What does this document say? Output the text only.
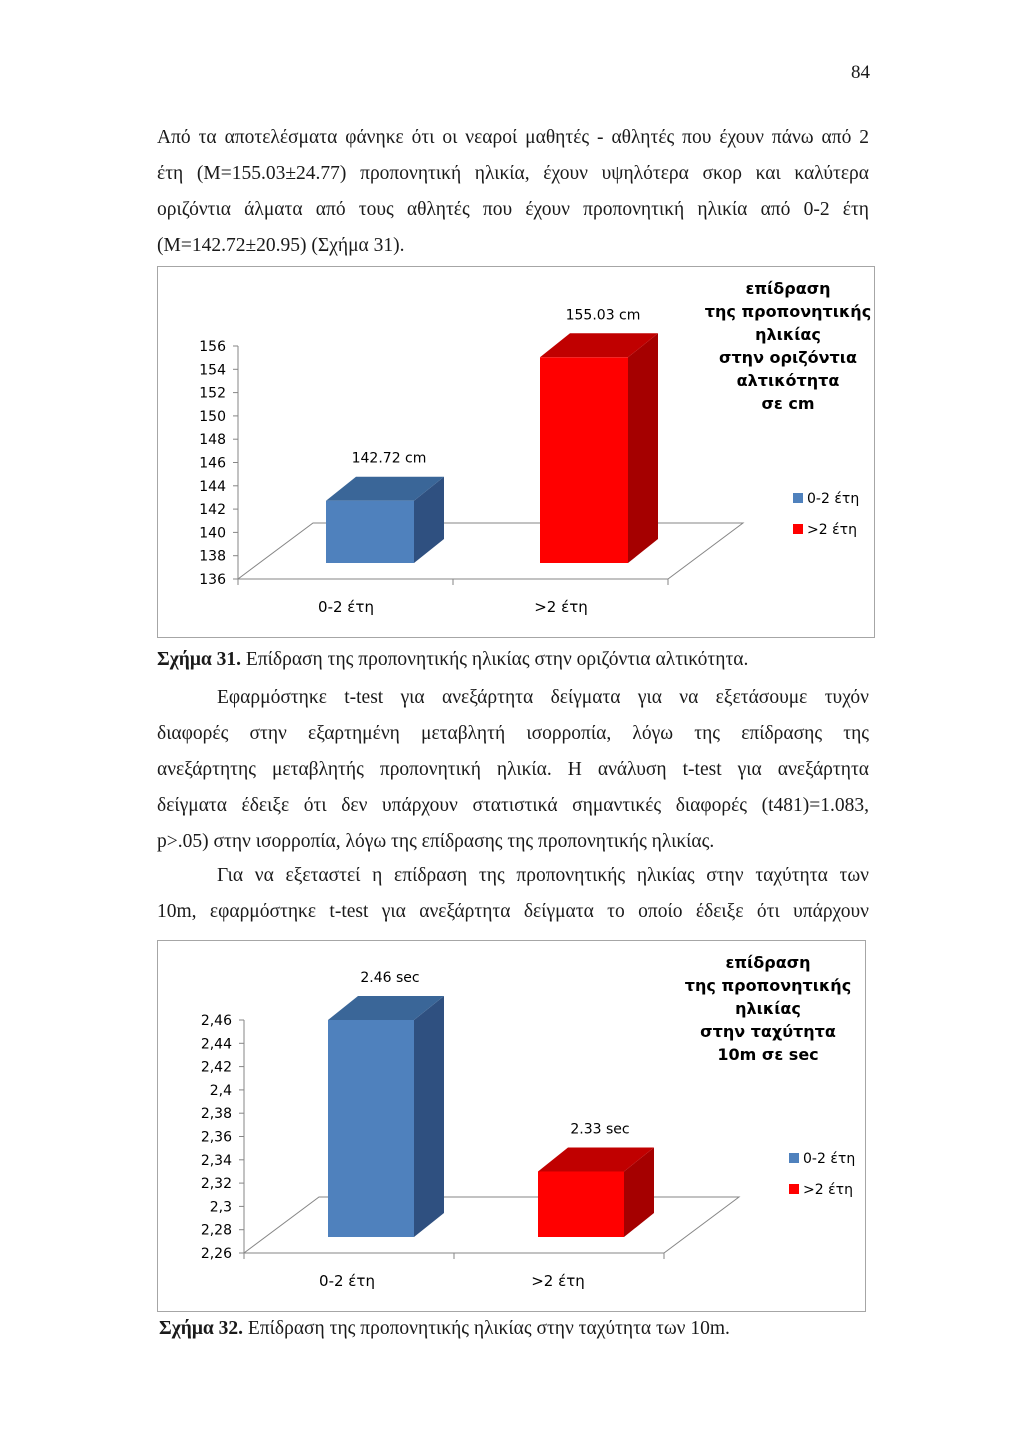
84
Από τα αποτελέσματα φάνηκε ότι οι νεαροί μαθητές - αθλητές που έχουν πάνω από 2
έτη (M=155.03±24.77) προπονητική ηλικία, έχουν υψηλότερα σκορ και καλύτερα
οριζόντια άλματα από τους αθλητές που έχουν προπονητική ηλικία από 0-2 έτη
(M=142.72±20.95) (Σχήμα 31).
156
154
152
150
148
146
144
142
140
138
136
142.72 cm
0-2 έτη
155.03 cm
>2 έτη
επίδραση
της προπονητικής
ηλικίας
στην οριζόντια
αλτικότητα
σε cm
0-2 έτη
>2 έτη
Σχήμα 31. Επίδραση της προπονητικής ηλικίας στην οριζόντια αλτικότητα.
Εφαρμόστηκε t-test για ανεξάρτητα δείγματα για να εξετάσουμε τυχόν
διαφορές στην εξαρτημένη μεταβλητή ισορροπία, λόγω της επίδρασης της
ανεξάρτητης μεταβλητής προπονητική ηλικία. Η ανάλυση t-test για ανεξάρτητα
δείγματα έδειξε ότι δεν υπάρχουν στατιστικά σημαντικές διαφορές (t481)=1.083,
p>.05) στην ισορροπία, λόγω της επίδρασης της προπονητικής ηλικίας.
Για να εξεταστεί η επίδραση της προπονητικής ηλικίας στην ταχύτητα των
10m, εφαρμόστηκε t-test για ανεξάρτητα δείγματα το οποίο έδειξε ότι υπάρχουν
2,46
2,44
2,42
2,4
2,38
2,36
2,34
2,32
2,3
2,28
2,26
2.46 sec
0-2 έτη
2.33 sec
>2 έτη
επίδραση
της προπονητικής
ηλικίας
στην ταχύτητα
10m σε sec
0-2 έτη
>2 έτη
Σχήμα 32. Επίδραση της προπονητικής ηλικίας στην ταχύτητα των 10m.
